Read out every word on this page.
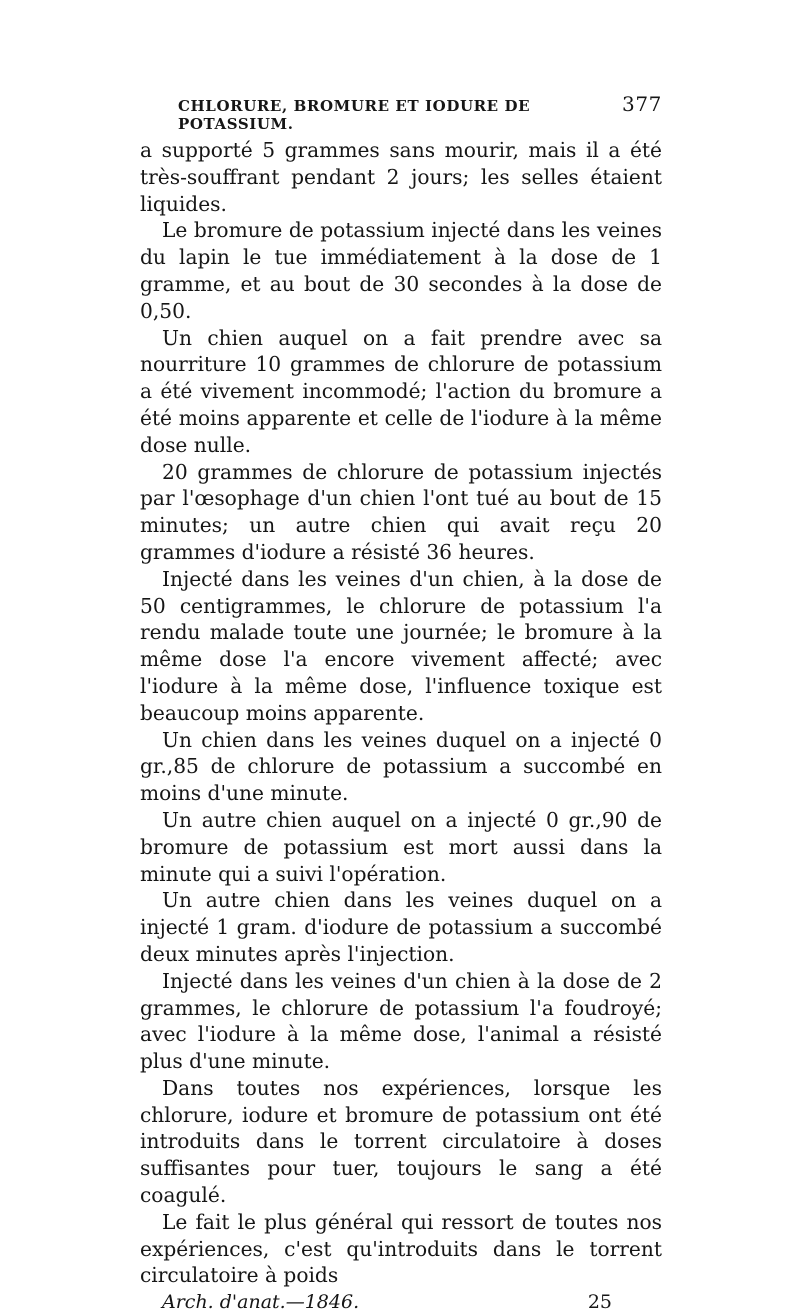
CHLORURE, BROMURE ET IODURE DE POTASSIUM.
377

a supporté 5 grammes sans mourir, mais il a été très-souffrant pendant 2 jours; les selles étaient liquides.

Le bromure de potassium injecté dans les veines du lapin le tue immédiatement à la dose de 1 gramme, et au bout de 30 secondes à la dose de 0,50.

Un chien auquel on a fait prendre avec sa nourriture 10 grammes de chlorure de potassium a été vivement incommodé; l'action du bromure a été moins apparente et celle de l'iodure à la même dose nulle.

20 grammes de chlorure de potassium injectés par l'œsophage d'un chien l'ont tué au bout de 15 minutes; un autre chien qui avait reçu 20 grammes d'iodure a résisté 36 heures.

Injecté dans les veines d'un chien, à la dose de 50 centigrammes, le chlorure de potassium l'a rendu malade toute une journée; le bromure à la même dose l'a encore vivement affecté; avec l'iodure à la même dose, l'influence toxique est beaucoup moins apparente.

Un chien dans les veines duquel on a injecté 0 gr.,85 de chlorure de potassium a succombé en moins d'une minute.

Un autre chien auquel on a injecté 0 gr.,90 de bromure de potassium est mort aussi dans la minute qui a suivi l'opération.

Un autre chien dans les veines duquel on a injecté 1 gram. d'iodure de potassium a succombé deux minutes après l'injection.

Injecté dans les veines d'un chien à la dose de 2 grammes, le chlorure de potassium l'a foudroyé; avec l'iodure à la même dose, l'animal a résisté plus d'une minute.

Dans toutes nos expériences, lorsque les chlorure, iodure et bromure de potassium ont été introduits dans le torrent circulatoire à doses suffisantes pour tuer, toujours le sang a été coagulé.

Le fait le plus général qui ressort de toutes nos expériences, c'est qu'introduits dans le torrent circulatoire à poids

Arch. d'anat.—1846.	25
